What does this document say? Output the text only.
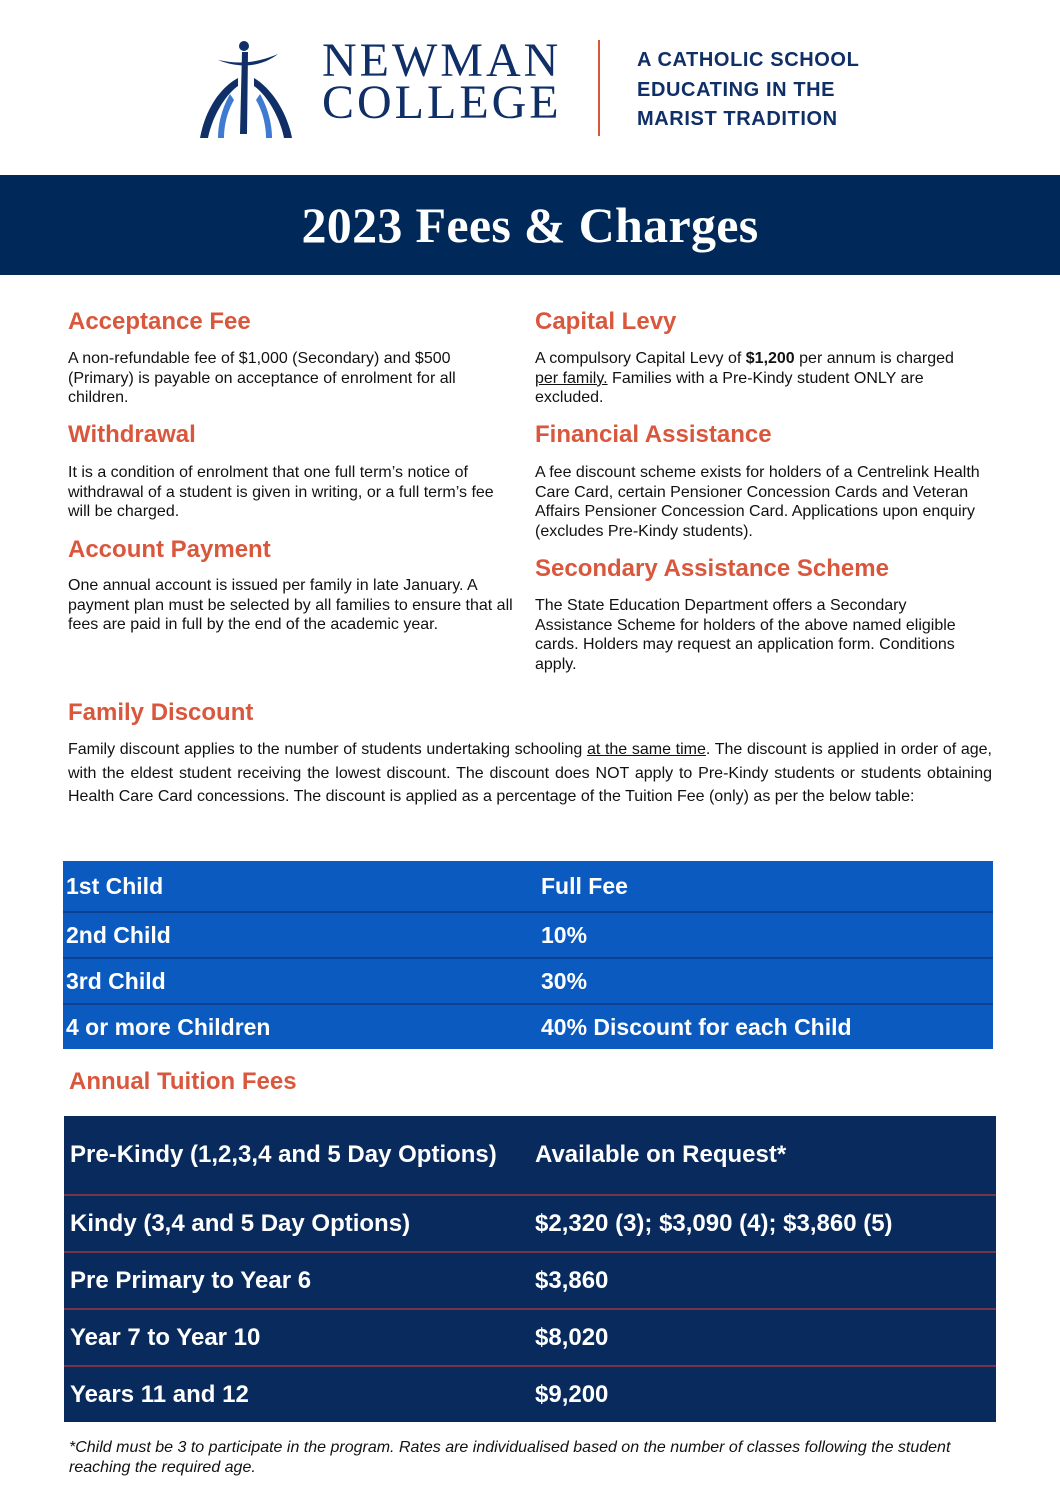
NEWMAN
COLLEGE
A CATHOLIC SCHOOL
EDUCATING IN THE
MARIST TRADITION
2023 Fees & Charges
Acceptance Fee

A non-refundable fee of $1,000 (Secondary) and $500 (Primary) is payable on acceptance of enrolment for all children.

Withdrawal

It is a condition of enrolment that one full term’s notice of withdrawal of a student is given in writing, or a full term’s fee will be charged.

Account Payment

One annual account is issued per family in late January. A payment plan must be selected by all families to ensure that all fees are paid in full by the end of the academic year.

Capital Levy

A compulsory Capital Levy of $1,200 per annum is charged per family. Families with a Pre-Kindy student ONLY are excluded.

Financial Assistance

A fee discount scheme exists for holders of a Centrelink Health Care Card, certain Pensioner Concession Cards and Veteran Affairs Pensioner Concession Card. Applications upon enquiry (excludes Pre-Kindy students).

Secondary Assistance Scheme

The State Education Department offers a Secondary Assistance Scheme for holders of the above named eligible cards. Holders may request an application form. Conditions apply.

Family Discount

Family discount applies to the number of students undertaking schooling at the same time. The discount is applied in order of age, with the eldest student receiving the lowest discount. The discount does NOT apply to Pre-Kindy students or students obtaining Health Care Card concessions. The discount is applied as a percentage of the Tuition Fee (only) as per the below table:

1st Child	Full Fee
2nd Child	10%
3rd Child	30%
4 or more Children	40% Discount for each Child
Annual Tuition Fees
Pre-Kindy (1,2,3,4 and 5 Day Options)	Available on Request*
Kindy (3,4 and 5 Day Options)	$2,320 (3); $3,090 (4); $3,860 (5)
Pre Primary to Year 6	$3,860
Year 7 to Year 10	$8,020
Years 11 and 12	$9,200

*Child must be 3 to participate in the program. Rates are individualised based on the number of classes following the student reaching the required age.
